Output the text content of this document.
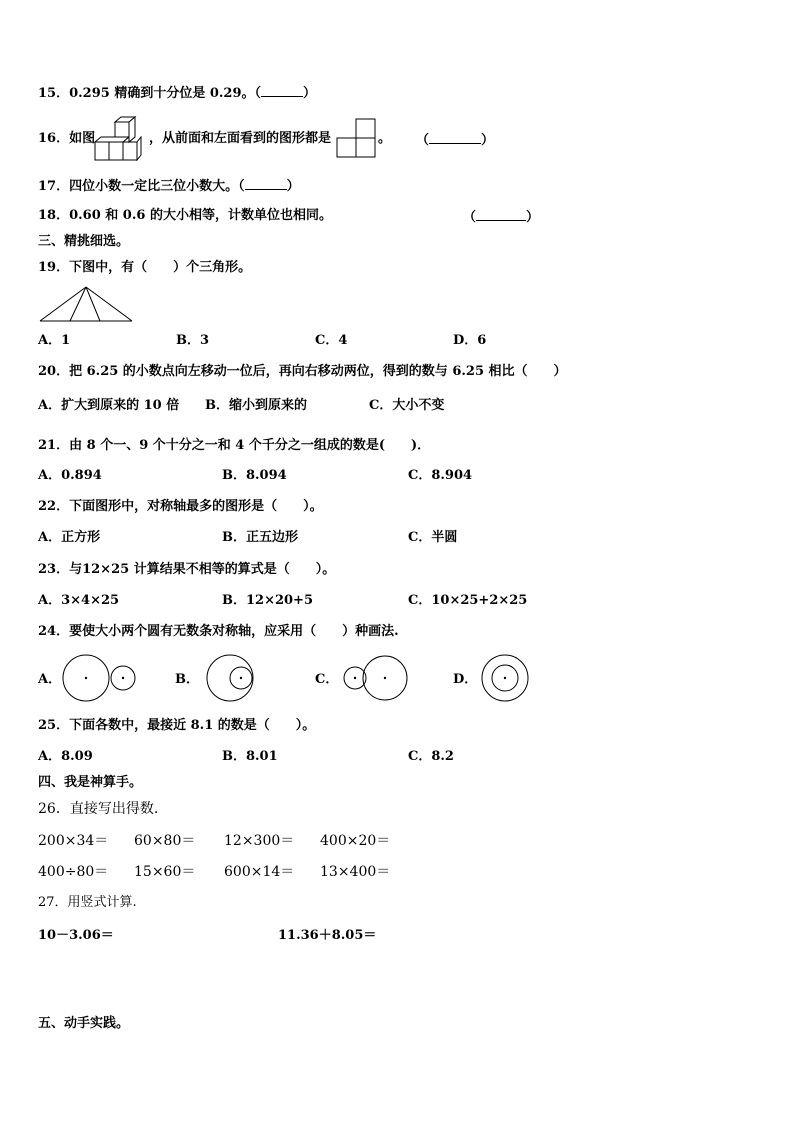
15．0.295 精确到十分位是 0.29。（	）
16．如图	，从前面和左面看到的图形都是	。 （	）
17．四位小数一定比三位小数大。（	）
18．0.60 和 0.6 的大小相等，计数单位也相同。	（	）
三、精挑细选。
19．下图中，有（　　）个三角形。
A．1	B．3	C．4	D．6
20．把 6.25 的小数点向左移动一位后，再向右移动两位，得到的数与 6.25 相比（　　）
A．扩大到原来的 10 倍 B．缩小到原来的	C．大小不变
21．由 8 个一、9 个十分之一和 4 个千分之一组成的数是(　　)．
A．0.894	B．8.094	C．8.904
22．下面图形中，对称轴最多的图形是（　　）。
A．正方形	B．正五边形	C．半圆
23．与12×25 计算结果不相等的算式是（　　）。
A．3×4×25	B．12×20+5	C．10×25+2×25
24．要使大小两个圆有无数条对称轴，应采用（　　）种画法.
A．	B．	C．	D．
25．下面各数中，最接近 8.1 的数是（　　）。
A．8.09	B．8.01	C．8.2
四、我是神算手。
26．直接写出得数.
200×34＝ 60×80＝ 12×300＝ 400×20＝
400÷80＝ 15×60＝ 600×14＝ 13×400＝
27．用竖式计算.
10－3.06＝	11.36＋8.05＝
五、动手实践。
